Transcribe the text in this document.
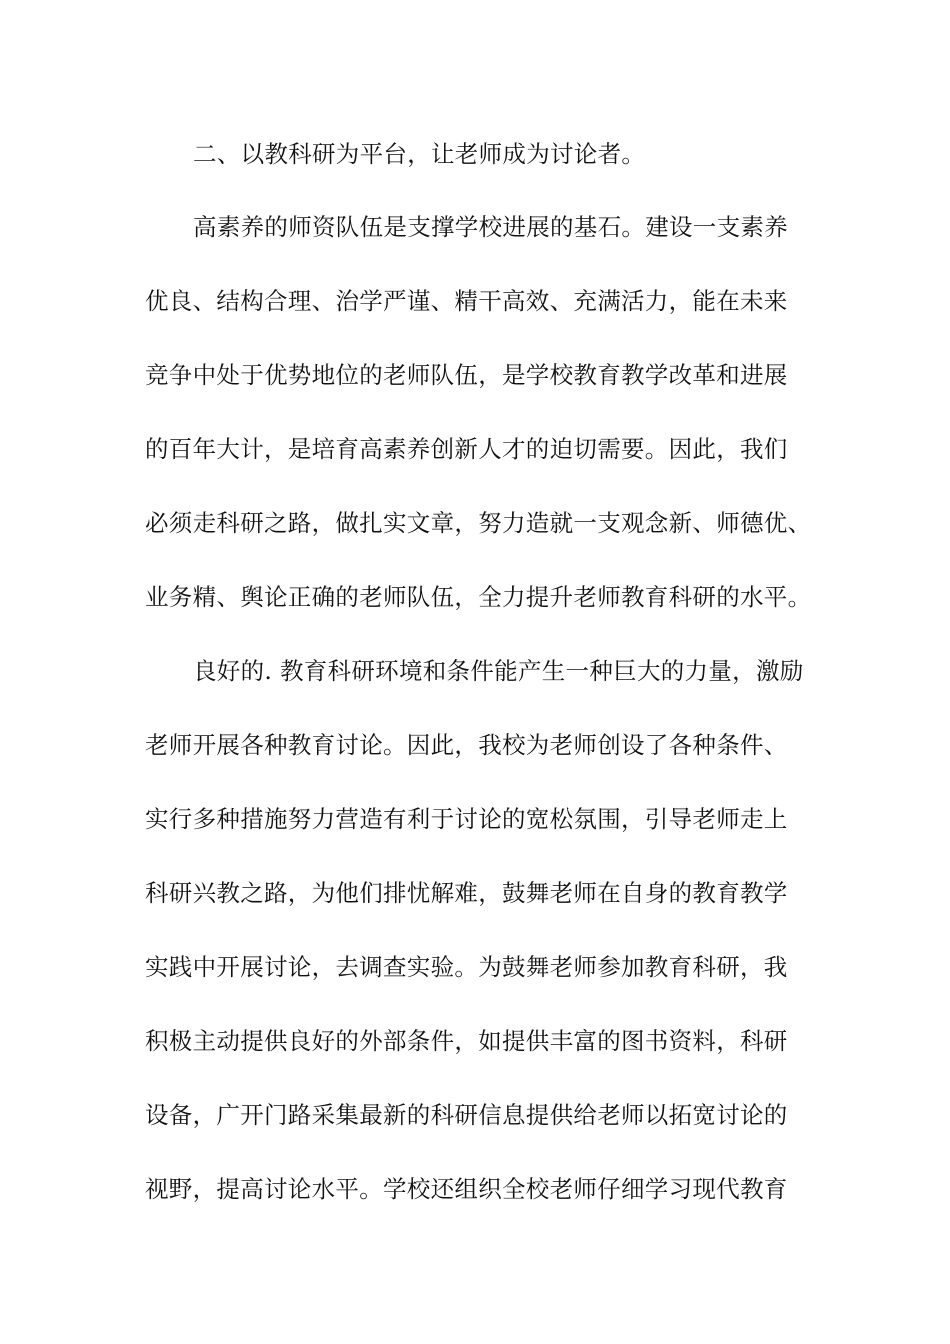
二、以教科研为平台，让老师成为讨论者。
高素养的师资队伍是支撑学校进展的基石。建设一支素养
优良、结构合理、治学严谨、精干高效、充满活力，能在未来
竞争中处于优势地位的老师队伍，是学校教育教学改革和进展
的百年大计，是培育高素养创新人才的迫切需要。因此，我们
必须走科研之路，做扎实文章，努力造就一支观念新、师德优、
业务精、舆论正确的老师队伍，全力提升老师教育科研的水平。
良好的. 教育科研环境和条件能产生一种巨大的力量，激励
老师开展各种教育讨论。因此，我校为老师创设了各种条件、
实行多种措施努力营造有利于讨论的宽松氛围，引导老师走上
科研兴教之路，为他们排忧解难，鼓舞老师在自身的教育教学
实践中开展讨论，去调查实验。为鼓舞老师参加教育科研，我
积极主动提供良好的外部条件，如提供丰富的图书资料，科研
设备，广开门路采集最新的科研信息提供给老师以拓宽讨论的
视野，提高讨论水平。学校还组织全校老师仔细学习现代教育
